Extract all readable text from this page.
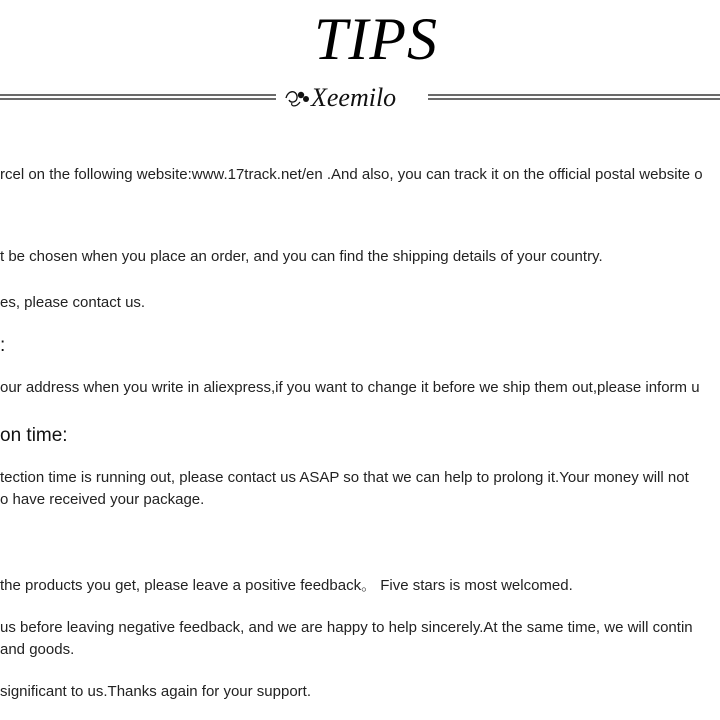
TIPS
Xeemilo
rcel on the following website:www.17track.net/en .And also, you can track it on the official postal website o
t be chosen when you place an order, and you can find the shipping details of your country.
es, please contact us.
:
our address when you write in aliexpress,if you want to change it before we ship them out,please inform u
on time:
tection time is running out, please contact us ASAP so that we can help to prolong it.Your money will not
o have received your package.
the products you get, please leave a positive feedback。 Five stars is most welcomed.
us before leaving negative feedback, and we are happy to help sincerely.At the same time, we will contin
and goods.
significant to us.Thanks again for your support.
